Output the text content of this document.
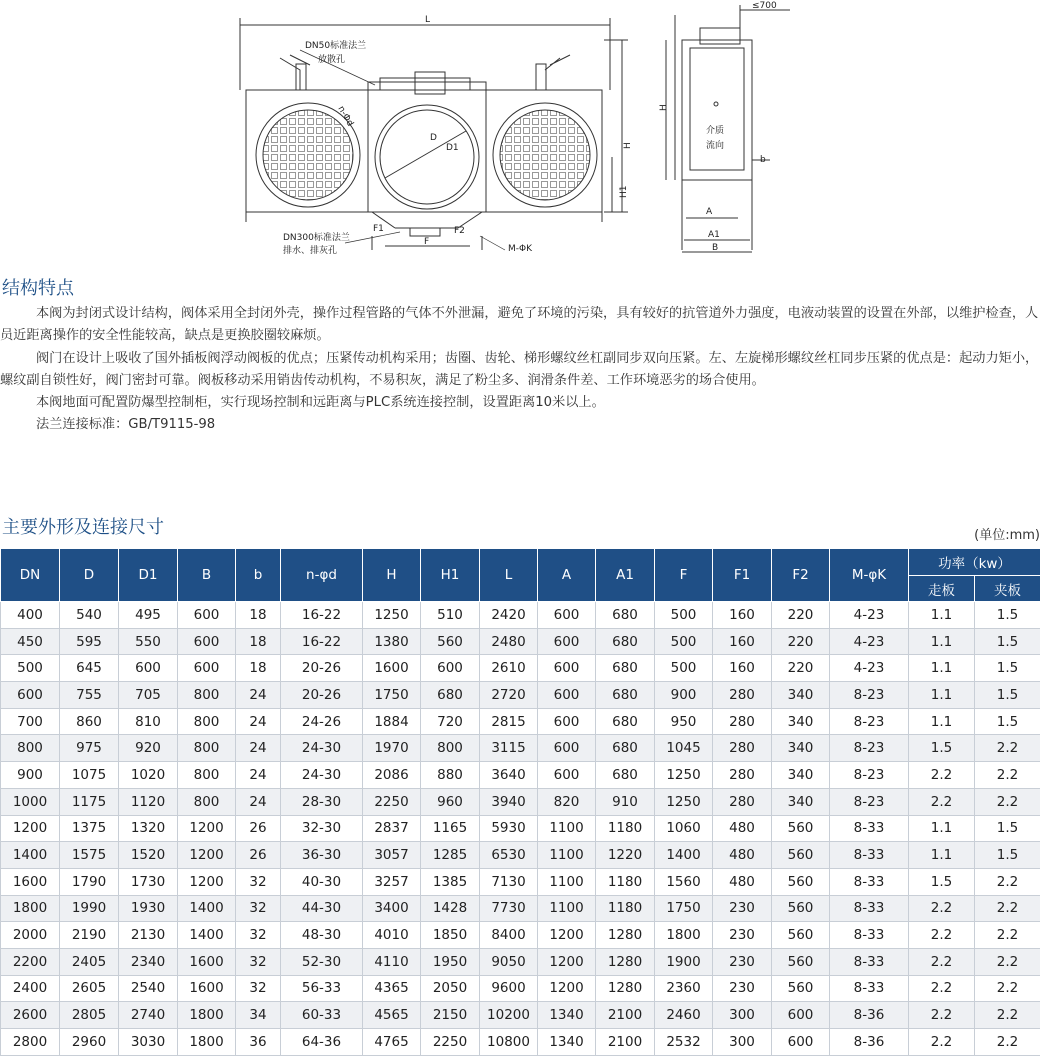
L
DN50标准法兰
放散孔
n-Φd
D
D1
F1
F
F2
M-ΦK
DN300标准法兰
排水、排灰孔
H
H1
≤700
H
介质
流向
b
A
A1
B
结构特点

本阀为封闭式设计结构，阀体采用全封闭外壳，操作过程管路的气体不外泄漏，避免了环境的污染，具有较好的抗管道外力强度，电液动装置的设置在外部，以维护检查，人员近距离操作的安全性能较高，缺点是更换胶圈较麻烦。

阀门在设计上吸收了国外插板阀浮动阀板的优点；压紧传动机构采用；齿圈、齿轮、梯形螺纹丝杠副同步双向压紧。左、左旋梯形螺纹丝杠同步压紧的优点是：起动力矩小，螺纹副自锁性好，阀门密封可靠。阀板移动采用销齿传动机构，不易积灰，满足了粉尘多、润滑条件差、工作环境恶劣的场合使用。

本阀地面可配置防爆型控制柜，实行现场控制和远距离与PLC系统连接控制，设置距离10米以上。

法兰连接标准：GB/T9115-98

主要外形及连接尺寸	(单位:mm)
DN	D	D1	B	b	n-φd	H	H1	L	A	A1	F	F1	F2	M-φK	功率（kw）	
															走板	夹板
400	540	495	600	18	16-22	1250	510	2420	600	680	500	160	220	4-23	1.1	1.5
450	595	550	600	18	16-22	1380	560	2480	600	680	500	160	220	4-23	1.1	1.5
500	645	600	600	18	20-26	1600	600	2610	600	680	500	160	220	4-23	1.1	1.5
600	755	705	800	24	20-26	1750	680	2720	600	680	900	280	340	8-23	1.1	1.5
700	860	810	800	24	24-26	1884	720	2815	600	680	950	280	340	8-23	1.1	1.5
800	975	920	800	24	24-30	1970	800	3115	600	680	1045	280	340	8-23	1.5	2.2
900	1075	1020	800	24	24-30	2086	880	3640	600	680	1250	280	340	8-23	2.2	2.2
1000	1175	1120	800	24	28-30	2250	960	3940	820	910	1250	280	340	8-23	2.2	2.2
1200	1375	1320	1200	26	32-30	2837	1165	5930	1100	1180	1060	480	560	8-33	1.1	1.5
1400	1575	1520	1200	26	36-30	3057	1285	6530	1100	1220	1400	480	560	8-33	1.1	1.5
1600	1790	1730	1200	32	40-30	3257	1385	7130	1100	1180	1560	480	560	8-33	1.5	2.2
1800	1990	1930	1400	32	44-30	3400	1428	7730	1100	1180	1750	230	560	8-33	2.2	2.2
2000	2190	2130	1400	32	48-30	4010	1850	8400	1200	1280	1800	230	560	8-33	2.2	2.2
2200	2405	2340	1600	32	52-30	4110	1950	9050	1200	1280	1900	230	560	8-33	2.2	2.2
2400	2605	2540	1600	32	56-33	4365	2050	9600	1200	1280	2360	230	560	8-33	2.2	2.2
2600	2805	2740	1800	34	60-33	4565	2150	10200	1340	2100	2460	300	600	8-36	2.2	2.2
2800	2960	3030	1800	36	64-36	4765	2250	10800	1340	2100	2532	300	600	8-36	2.2	2.2
